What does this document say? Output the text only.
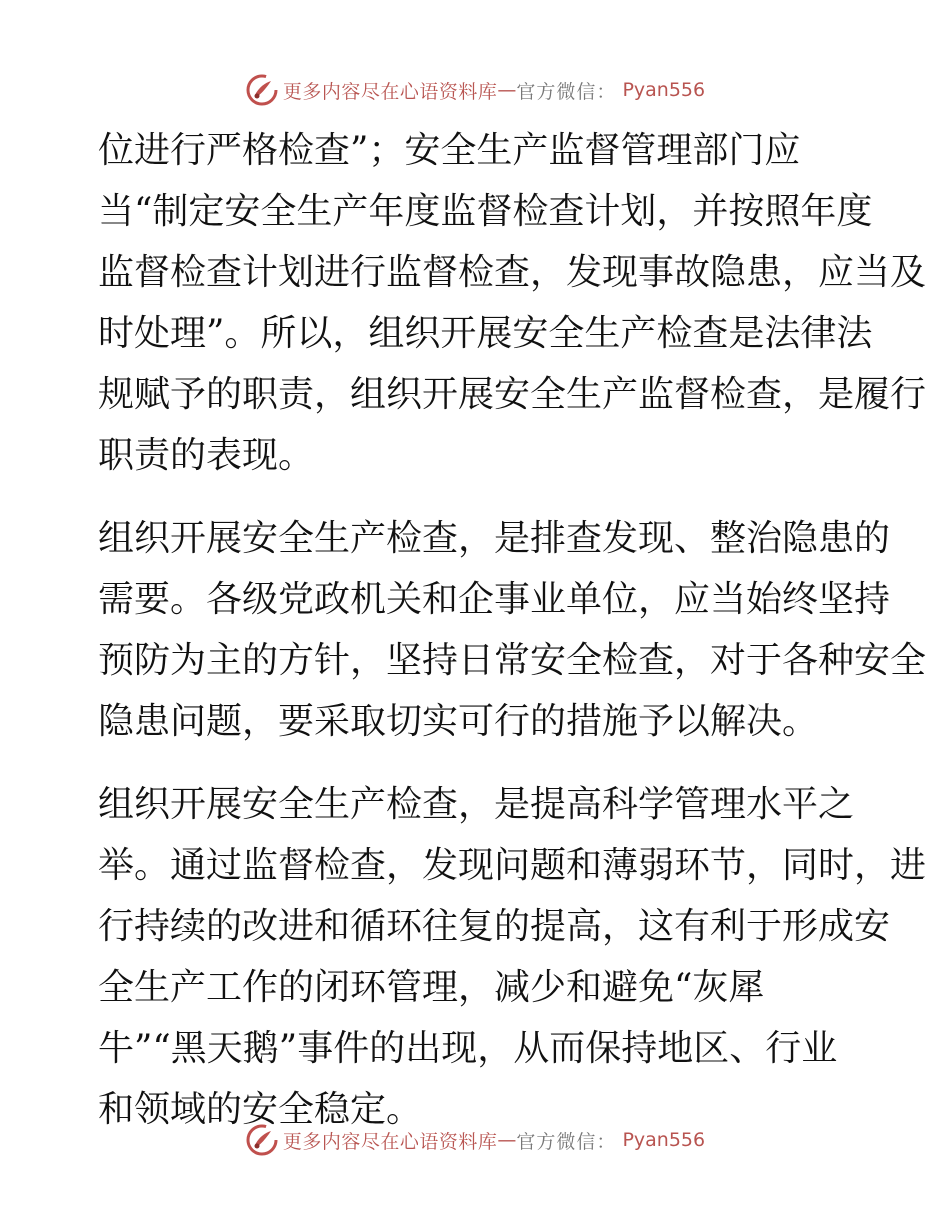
更多内容尽在心语资料库 — 官方微信： Pyan556

位进行严格检查”；安全生产监督管理部门应
当“制定安全生产年度监督检查计划，并按照年度
监督检查计划进行监督检查，发现事故隐患，应当及
时处理”。所以，组织开展安全生产检查是法律法
规赋予的职责，组织开展安全生产监督检查，是履行
职责的表现。

组织开展安全生产检查，是排查发现、整治隐患的
需要。各级党政机关和企事业单位，应当始终坚持
预防为主的方针，坚持日常安全检查，对于各种安全
隐患问题，要采取切实可行的措施予以解决。

组织开展安全生产检查，是提高科学管理水平之
举。通过监督检查，发现问题和薄弱环节，同时，进
行持续的改进和循环往复的提高，这有利于形成安
全生产工作的闭环管理，减少和避免“灰犀
牛”“黑天鹅”事件的出现，从而保持地区、行业
和领域的安全稳定。

更多内容尽在心语资料库 — 官方微信： Pyan556
